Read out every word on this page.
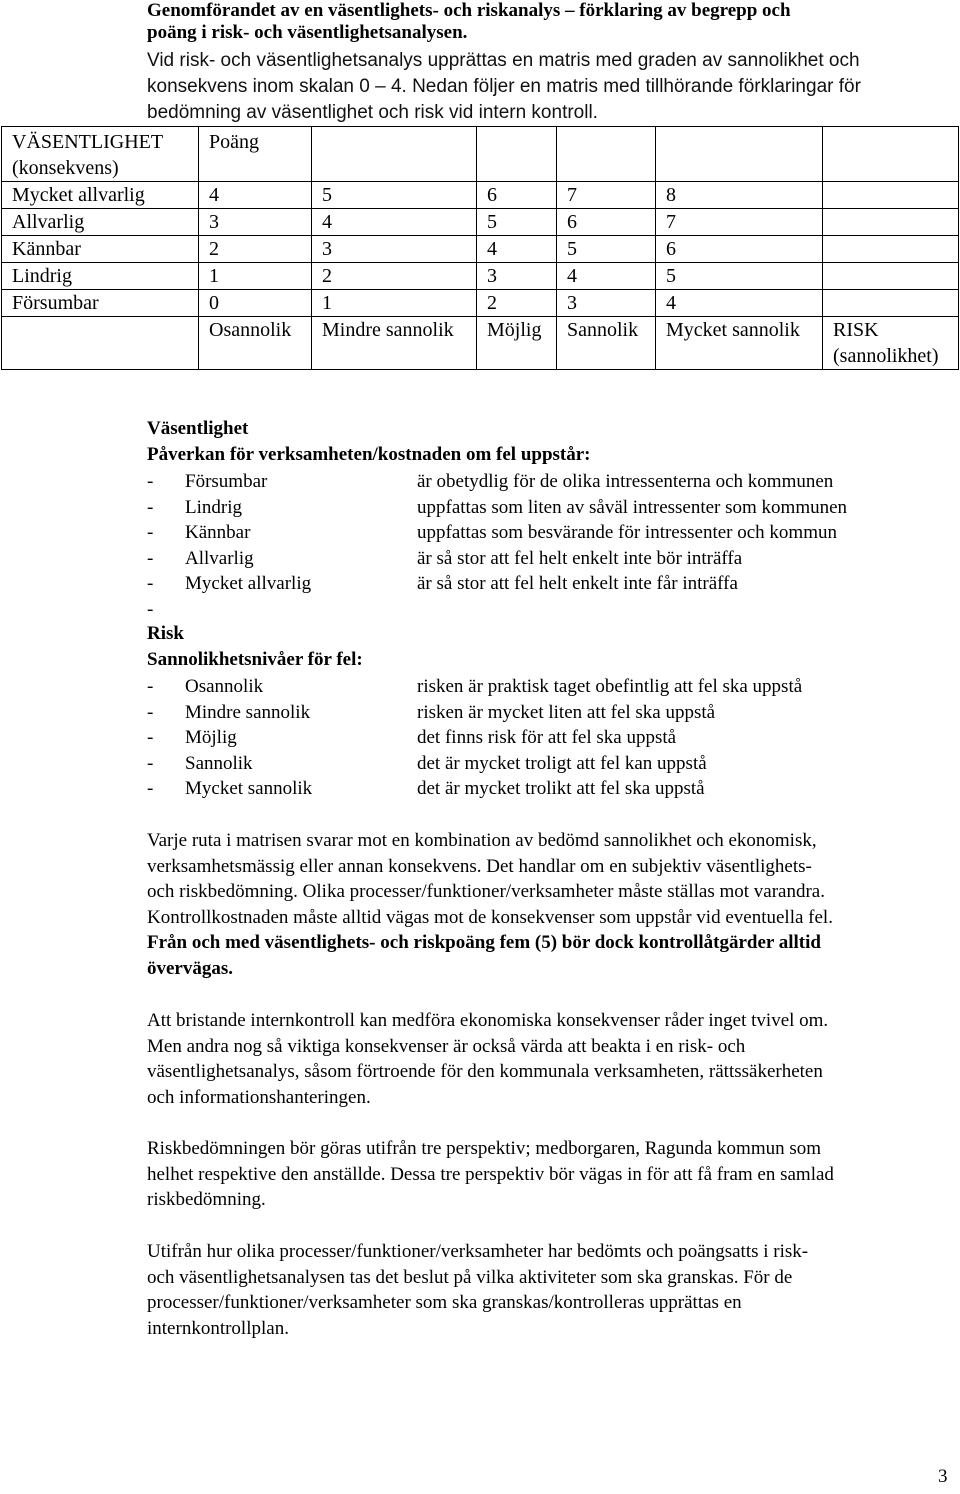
Genomförandet av en väsentlighets- och riskanalys – förklaring av begrepp och
poäng i risk- och väsentlighetsanalysen.
Vid risk- och väsentlighetsanalys upprättas en matris med graden av sannolikhet och
konsekvens inom skalan 0 – 4. Nedan följer en matris med tillhörande förklaringar för
bedömning av väsentlighet och risk vid intern kontroll.
VÄSENTLIGHET
(konsekvens)	Poäng					
Mycket allvarlig	4	5	6	7	8	
Allvarlig	3	4	5	6	7	
Kännbar	2	3	4	5	6	
Lindrig	1	2	3	4	5	
Försumbar	0	1	2	3	4	
	Osannolik	Mindre sannolik	Möjlig	Sannolik	Mycket sannolik	RISK
(sannolikhet)
Väsentlighet
Påverkan för verksamheten/kostnaden om fel uppstår:
- Försumbar	är obetydlig för de olika intressenterna och kommunen
- Lindrig	uppfattas som liten av såväl intressenter som kommunen
- Kännbar	uppfattas som besvärande för intressenter och kommun
- Allvarlig	är så stor att fel helt enkelt inte bör inträffa
- Mycket allvarlig	är så stor att fel helt enkelt inte får inträffa
-
Risk
Sannolikhetsnivåer för fel:
- Osannolik	risken är praktisk taget obefintlig att fel ska uppstå
- Mindre sannolik	risken är mycket liten att fel ska uppstå
- Möjlig	det finns risk för att fel ska uppstå
- Sannolik	det är mycket troligt att fel kan uppstå
- Mycket sannolik	det är mycket trolikt att fel ska uppstå
Varje ruta i matrisen svarar mot en kombination av bedömd sannolikhet och ekonomisk,
verksamhetsmässig eller annan konsekvens. Det handlar om en subjektiv väsentlighets-
och riskbedömning. Olika processer/funktioner/verksamheter måste ställas mot varandra.
Kontrollkostnaden måste alltid vägas mot de konsekvenser som uppstår vid eventuella fel.
Från och med väsentlighets- och riskpoäng fem (5) bör dock kontrollåtgärder alltid
övervägas.
Att bristande internkontroll kan medföra ekonomiska konsekvenser råder inget tvivel om.
Men andra nog så viktiga konsekvenser är också värda att beakta i en risk- och
väsentlighetsanalys, såsom förtroende för den kommunala verksamheten, rättssäkerheten
och informationshanteringen.
Riskbedömningen bör göras utifrån tre perspektiv; medborgaren, Ragunda kommun som
helhet respektive den anställde. Dessa tre perspektiv bör vägas in för att få fram en samlad
riskbedömning.
Utifrån hur olika processer/funktioner/verksamheter har bedömts och poängsatts i risk-
och väsentlighetsanalysen tas det beslut på vilka aktiviteter som ska granskas. För de
processer/funktioner/verksamheter som ska granskas/kontrolleras upprättas en
internkontrollplan.
3
